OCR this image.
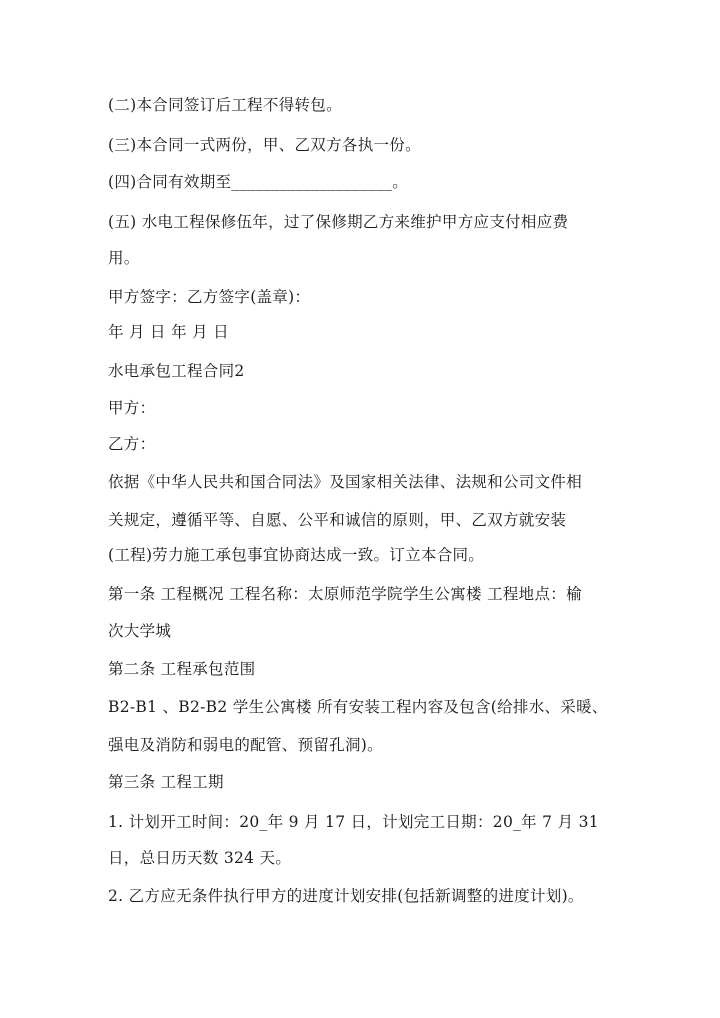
(二)本合同签订后工程不得转包。
(三)本合同一式两份，甲、乙双方各执一份。
(四)合同有效期至____________________。
(五) 水电工程保修伍年，过了保修期乙方来维护甲方应支付相应费
用。
甲方签字：乙方签字(盖章)：
年 月 日 年 月 日
水电承包工程合同2
甲方：
乙方：
依据《中华人民共和国合同法》及国家相关法律、法规和公司文件相
关规定，遵循平等、自愿、公平和诚信的原则，甲、乙双方就安装
(工程)劳力施工承包事宜协商达成一致。订立本合同。
第一条 工程概况 工程名称：太原师范学院学生公寓楼 工程地点：榆
次大学城
第二条 工程承包范围
B2-B1 、B2-B2 学生公寓楼 所有安装工程内容及包含(给排水、采暖、
强电及消防和弱电的配管、预留孔洞)。
第三条 工程工期
1. 计划开工时间：20_年 9 月 17 日，计划完工日期：20_年 7 月 31
日，总日历天数 324 天。
2. 乙方应无条件执行甲方的进度计划安排(包括新调整的进度计划)。
